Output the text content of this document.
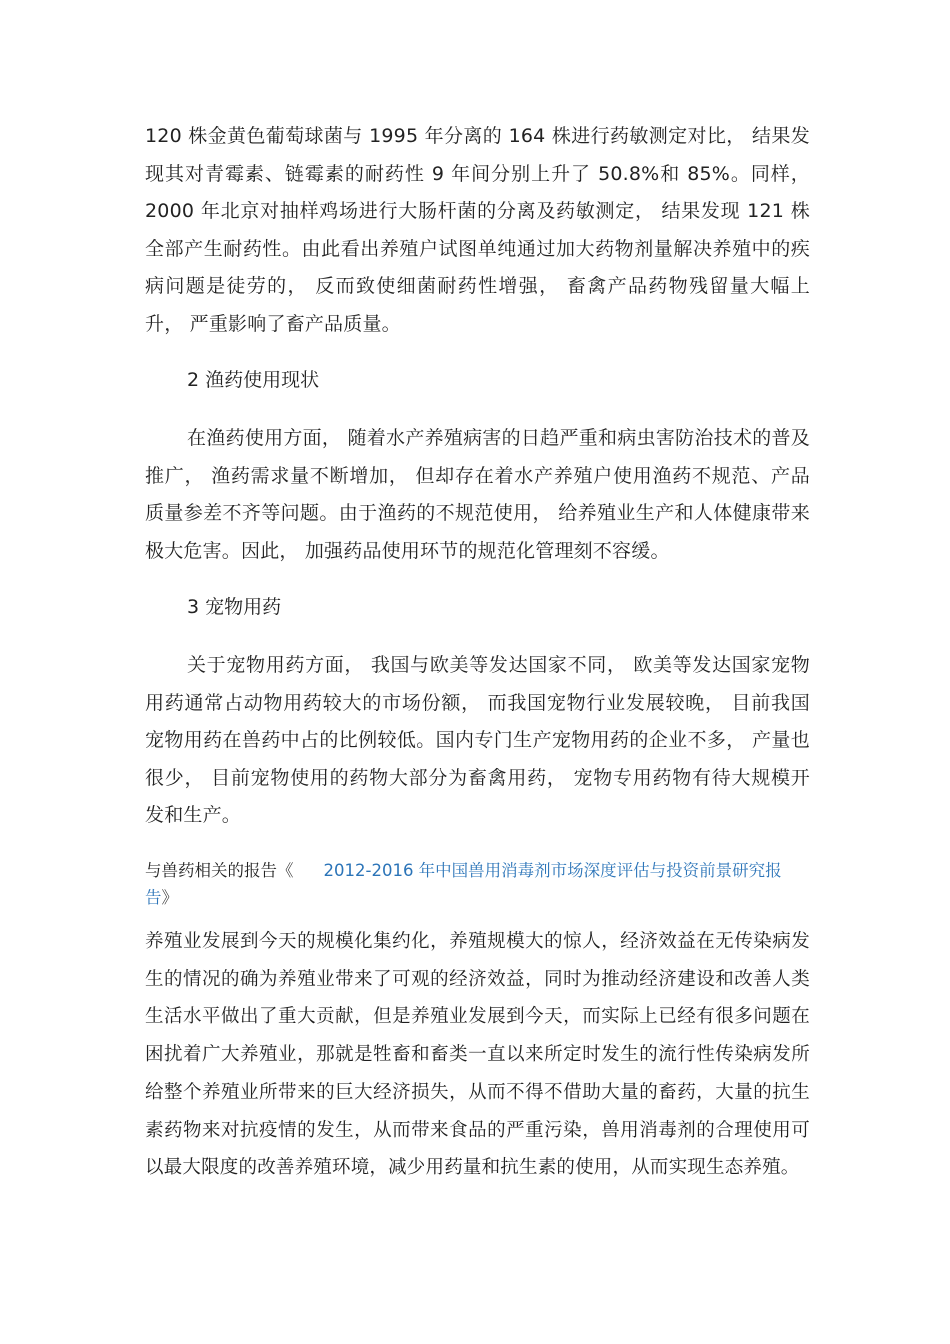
120 株金黄色葡萄球菌与 1995 年分离的 164 株进行药敏测定对比， 结果发现其对青霉素、链霉素的耐药性 9 年间分别上升了 50.8%和 85%。同样， 2000 年北京对抽样鸡场进行大肠杆菌的分离及药敏测定， 结果发现 121 株全部产生耐药性。由此看出养殖户试图单纯通过加大药物剂量解决养殖中的疾病问题是徒劳的， 反而致使细菌耐药性增强， 畜禽产品药物残留量大幅上升， 严重影响了畜产品质量。

2 渔药使用现状

在渔药使用方面， 随着水产养殖病害的日趋严重和病虫害防治技术的普及推广， 渔药需求量不断增加， 但却存在着水产养殖户使用渔药不规范、产品质量参差不齐等问题。由于渔药的不规范使用， 给养殖业生产和人体健康带来极大危害。因此， 加强药品使用环节的规范化管理刻不容缓。

3 宠物用药

关于宠物用药方面， 我国与欧美等发达国家不同， 欧美等发达国家宠物用药通常占动物用药较大的市场份额， 而我国宠物行业发展较晚， 目前我国宠物用药在兽药中占的比例较低。国内专门生产宠物用药的企业不多， 产量也很少， 目前宠物使用的药物大部分为畜禽用药， 宠物专用药物有待大规模开发和生产。

与兽药相关的报告《 2012-2016 年中国兽用消毒剂市场深度评估与投资前景研究报告》

养殖业发展到今天的规模化集约化，养殖规模大的惊人，经济效益在无传染病发生的情况的确为养殖业带来了可观的经济效益，同时为推动经济建设和改善人类生活水平做出了重大贡献，但是养殖业发展到今天，而实际上已经有很多问题在困扰着广大养殖业，那就是牲畜和畜类一直以来所定时发生的流行性传染病发所给整个养殖业所带来的巨大经济损失，从而不得不借助大量的畜药，大量的抗生素药物来对抗疫情的发生，从而带来食品的严重污染，兽用消毒剂的合理使用可以最大限度的改善养殖环境，减少用药量和抗生素的使用，从而实现生态养殖。
